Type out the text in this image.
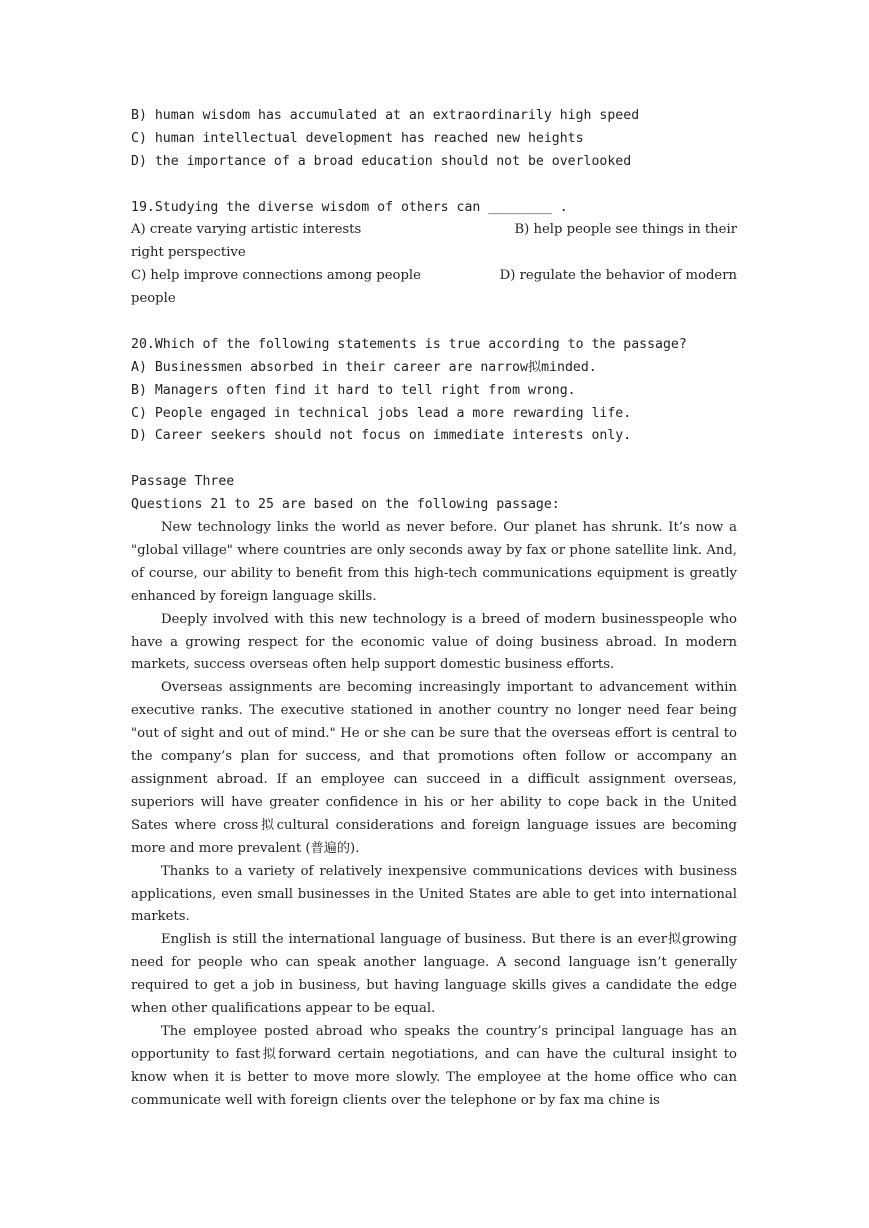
B) human wisdom has accumulated at an extraordinarily high speed
C) human intellectual development has reached new heights
D) the importance of a broad education should not be overlooked
19.Studying the diverse wisdom of others can ________ .
A) create varying artistic interests	B) help people see things in their
right perspective
C) help improve connections among people	D) regulate the behavior of modern
people
20.Which of the following statements is true according to the passage?
A) Businessmen absorbed in their career are narrow拟minded.
B) Managers often find it hard to tell right from wrong.
C) People engaged in technical jobs lead a more rewarding life.
D) Career seekers should not focus on immediate interests only.
Passage Three
Questions 21 to 25 are based on the following passage:

New technology links the world as never before. Our planet has shrunk. It’s now a "global village" where countries are only seconds away by fax or phone satellite link. And, of course, our ability to benefit from this high-tech communications equipment is greatly enhanced by foreign language skills.

Deeply involved with this new technology is a breed of modern businesspeople who have a growing respect for the economic value of doing business abroad. In modern markets, success overseas often help support domestic business efforts.

Overseas assignments are becoming increasingly important to advancement within executive ranks. The executive stationed in another country no longer need fear being "out of sight and out of mind." He or she can be sure that the overseas effort is central to the company’s plan for success, and that promotions often follow or accompany an assignment abroad. If an employee can succeed in a difficult assignment overseas, superiors will have greater confidence in his or her ability to cope back in the United Sates where cross拟cultural considerations and foreign language issues are becoming more and more prevalent (普遍的).

Thanks to a variety of relatively inexpensive communications devices with business applications, even small businesses in the United States are able to get into international markets.

English is still the international language of business. But there is an ever拟growing need for people who can speak another language. A second language isn’t generally required to get a job in business, but having language skills gives a candidate the edge when other qualifications appear to be equal.

The employee posted abroad who speaks the country’s principal language has an opportunity to fast拟forward certain negotiations, and can have the cultural insight to know when it is better to move more slowly. The employee at the home office who can communicate well with foreign clients over the telephone or by fax ma chine is
